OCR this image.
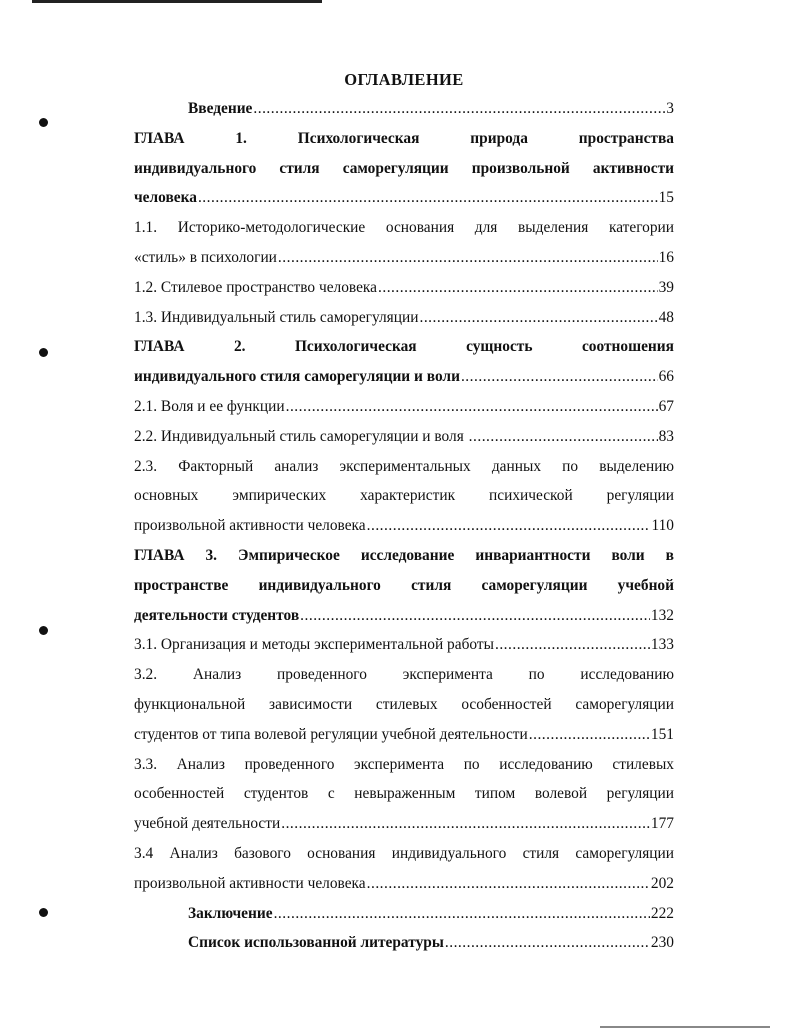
ОГЛАВЛЕНИЕ
Введение .....	3
ГЛАВА 1. Психологическая природа пространства
индивидуального стиля саморегуляции произвольной активности
человека .....	15
1.1. Историко-методологические основания для выделения категории
«стиль» в психологии .....	16
1.2. Стилевое пространство человека .....	39
1.3. Индивидуальный стиль саморегуляции .....	48
ГЛАВА 2. Психологическая сущность соотношения
индивидуального стиля саморегуляции и воли .....	66
2.1. Воля и ее функции .....	67
2.2. Индивидуальный стиль саморегуляции и воля .....	83
2.3. Факторный анализ экспериментальных данных по выделению
основных эмпирических характеристик психической регуляции
произвольной активности человека .....	110
ГЛАВА 3. Эмпирическое исследование инвариантности воли в
пространстве индивидуального стиля саморегуляции учебной
деятельности студентов .....	132
3.1. Организация и методы экспериментальной работы .....	133
3.2. Анализ проведенного эксперимента по исследованию
функциональной зависимости стилевых особенностей саморегуляции
студентов от типа волевой регуляции учебной деятельности .....	151
3.3. Анализ проведенного эксперимента по исследованию стилевых
особенностей студентов с невыраженным типом волевой регуляции
учебной деятельности .....	177
3.4 Анализ базового основания индивидуального стиля саморегуляции
произвольной активности человека .....	202
Заключение .....	222
Список использованной литературы .....	230
